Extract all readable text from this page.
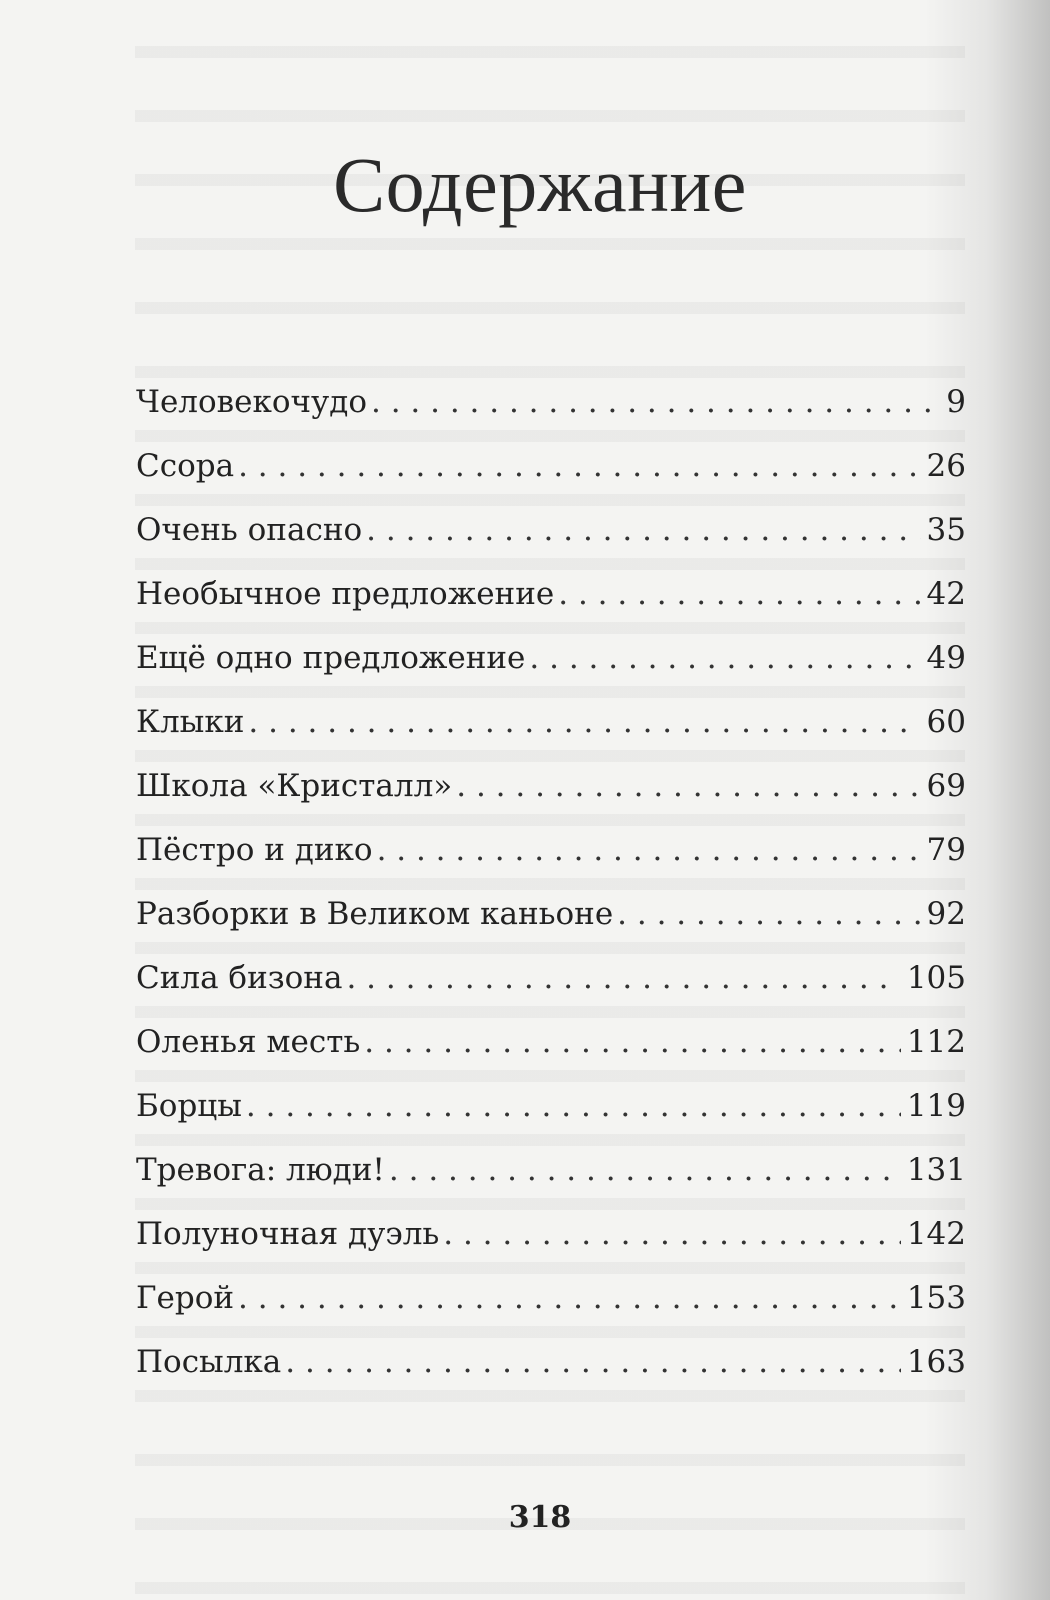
Содержание
Человекочудо . . .	9
Ссора . . .	26
Очень опасно . . .	35
Необычное предложение . . .	42
Ещё одно предложение . . .	49
Клыки . . .	60
Школа «Кристалл» . . .	69
Пёстро и дико . . .	79
Разборки в Великом каньоне . . .	92
Сила бизона . . .	105
Оленья месть . . .	112
Борцы . . .	119
Тревога: люди! . . .	131
Полуночная дуэль . . .	142
Герой . . .	153
Посылка . . .	163
318
